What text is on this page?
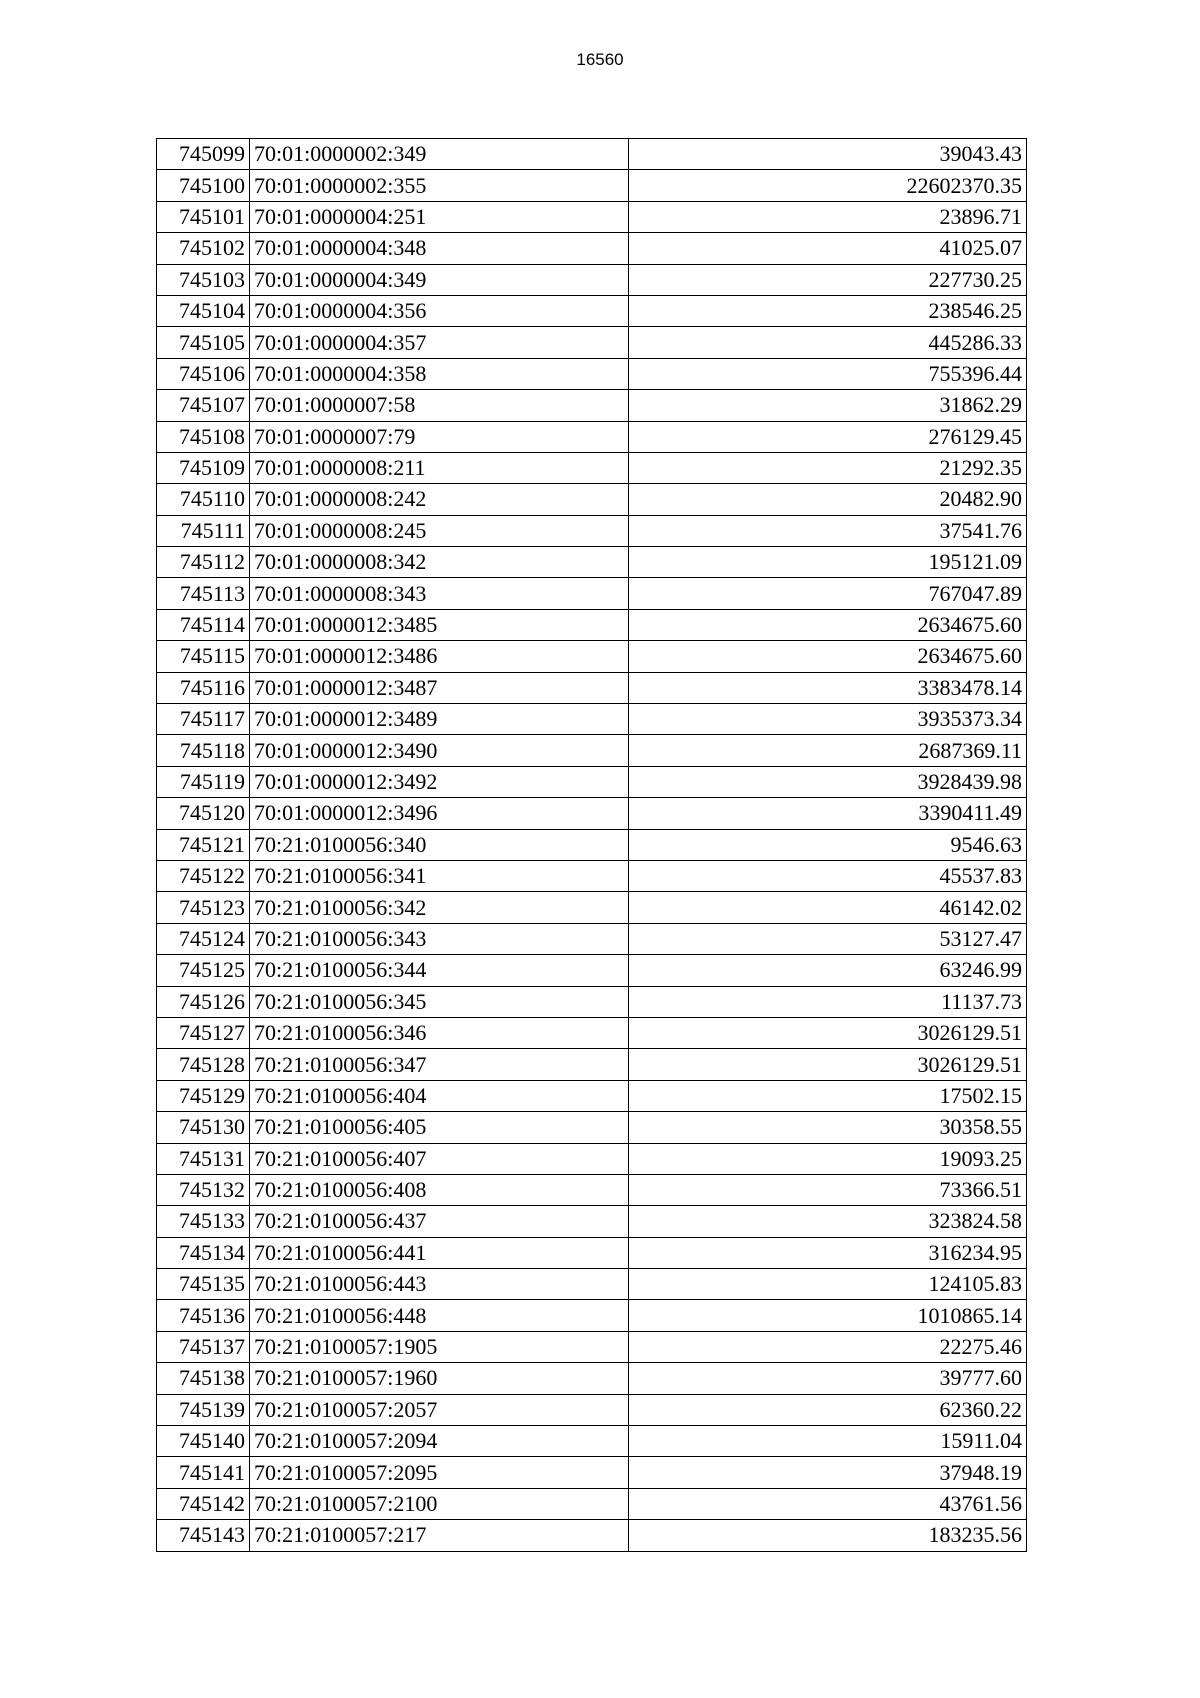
16560
745099	70:01:0000002:349	39043.43
745100	70:01:0000002:355	22602370.35
745101	70:01:0000004:251	23896.71
745102	70:01:0000004:348	41025.07
745103	70:01:0000004:349	227730.25
745104	70:01:0000004:356	238546.25
745105	70:01:0000004:357	445286.33
745106	70:01:0000004:358	755396.44
745107	70:01:0000007:58	31862.29
745108	70:01:0000007:79	276129.45
745109	70:01:0000008:211	21292.35
745110	70:01:0000008:242	20482.90
745111	70:01:0000008:245	37541.76
745112	70:01:0000008:342	195121.09
745113	70:01:0000008:343	767047.89
745114	70:01:0000012:3485	2634675.60
745115	70:01:0000012:3486	2634675.60
745116	70:01:0000012:3487	3383478.14
745117	70:01:0000012:3489	3935373.34
745118	70:01:0000012:3490	2687369.11
745119	70:01:0000012:3492	3928439.98
745120	70:01:0000012:3496	3390411.49
745121	70:21:0100056:340	9546.63
745122	70:21:0100056:341	45537.83
745123	70:21:0100056:342	46142.02
745124	70:21:0100056:343	53127.47
745125	70:21:0100056:344	63246.99
745126	70:21:0100056:345	11137.73
745127	70:21:0100056:346	3026129.51
745128	70:21:0100056:347	3026129.51
745129	70:21:0100056:404	17502.15
745130	70:21:0100056:405	30358.55
745131	70:21:0100056:407	19093.25
745132	70:21:0100056:408	73366.51
745133	70:21:0100056:437	323824.58
745134	70:21:0100056:441	316234.95
745135	70:21:0100056:443	124105.83
745136	70:21:0100056:448	1010865.14
745137	70:21:0100057:1905	22275.46
745138	70:21:0100057:1960	39777.60
745139	70:21:0100057:2057	62360.22
745140	70:21:0100057:2094	15911.04
745141	70:21:0100057:2095	37948.19
745142	70:21:0100057:2100	43761.56
745143	70:21:0100057:217	183235.56
